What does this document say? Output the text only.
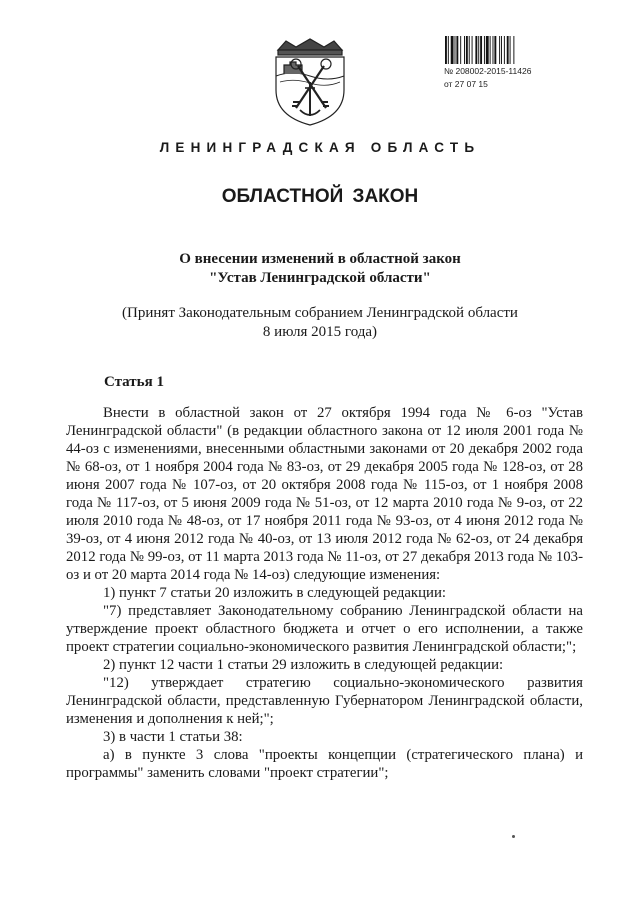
№ 208002-2015-11426
от 27 07 15
ЛЕНИНГРАДСКАЯ ОБЛАСТЬ
ОБЛАСТНОЙ ЗАКОН
О внесении изменений в областной закон
"Устав Ленинградской области"
(Принят Законодательным собранием Ленинградской области
8 июля 2015 года)
Статья 1

Внести в областной закон от 27 октября 1994 года № 6-оз "Устав Ленинградской области" (в редакции областного закона от 12 июля 2001 года № 44-оз с изменениями, внесенными областными законами от 20 декабря 2002 года № 68-оз, от 1 ноября 2004 года № 83-оз, от 29 декабря 2005 года № 128-оз, от 28 июня 2007 года № 107-оз, от 20 октября 2008 года № 115-оз, от 1 ноября 2008 года № 117-оз, от 5 июня 2009 года № 51-оз, от 12 марта 2010 года № 9-оз, от 22 июля 2010 года № 48-оз, от 17 ноября 2011 года № 93-оз, от 4 июня 2012 года № 39-оз, от 4 июня 2012 года № 40-оз, от 13 июля 2012 года № 62-оз, от 24 декабря 2012 года № 99-оз, от 11 марта 2013 года № 11-оз, от 27 декабря 2013 года № 103-оз и от 20 марта 2014 года № 14-оз) следующие изменения:

1) пункт 7 статьи 20 изложить в следующей редакции:

"7) представляет Законодательному собранию Ленинградской области на утверждение проект областного бюджета и отчет о его исполнении, а также проект стратегии социально-экономического развития Ленинградской области;";

2) пункт 12 части 1 статьи 29 изложить в следующей редакции:

"12) утверждает стратегию социально-экономического развития Ленинградской области, представленную Губернатором Ленинградской области, изменения и дополнения к ней;";

3) в части 1 статьи 38:

а) в пункте 3 слова "проекты концепции (стратегического плана) и программы" заменить словами "проект стратегии";
